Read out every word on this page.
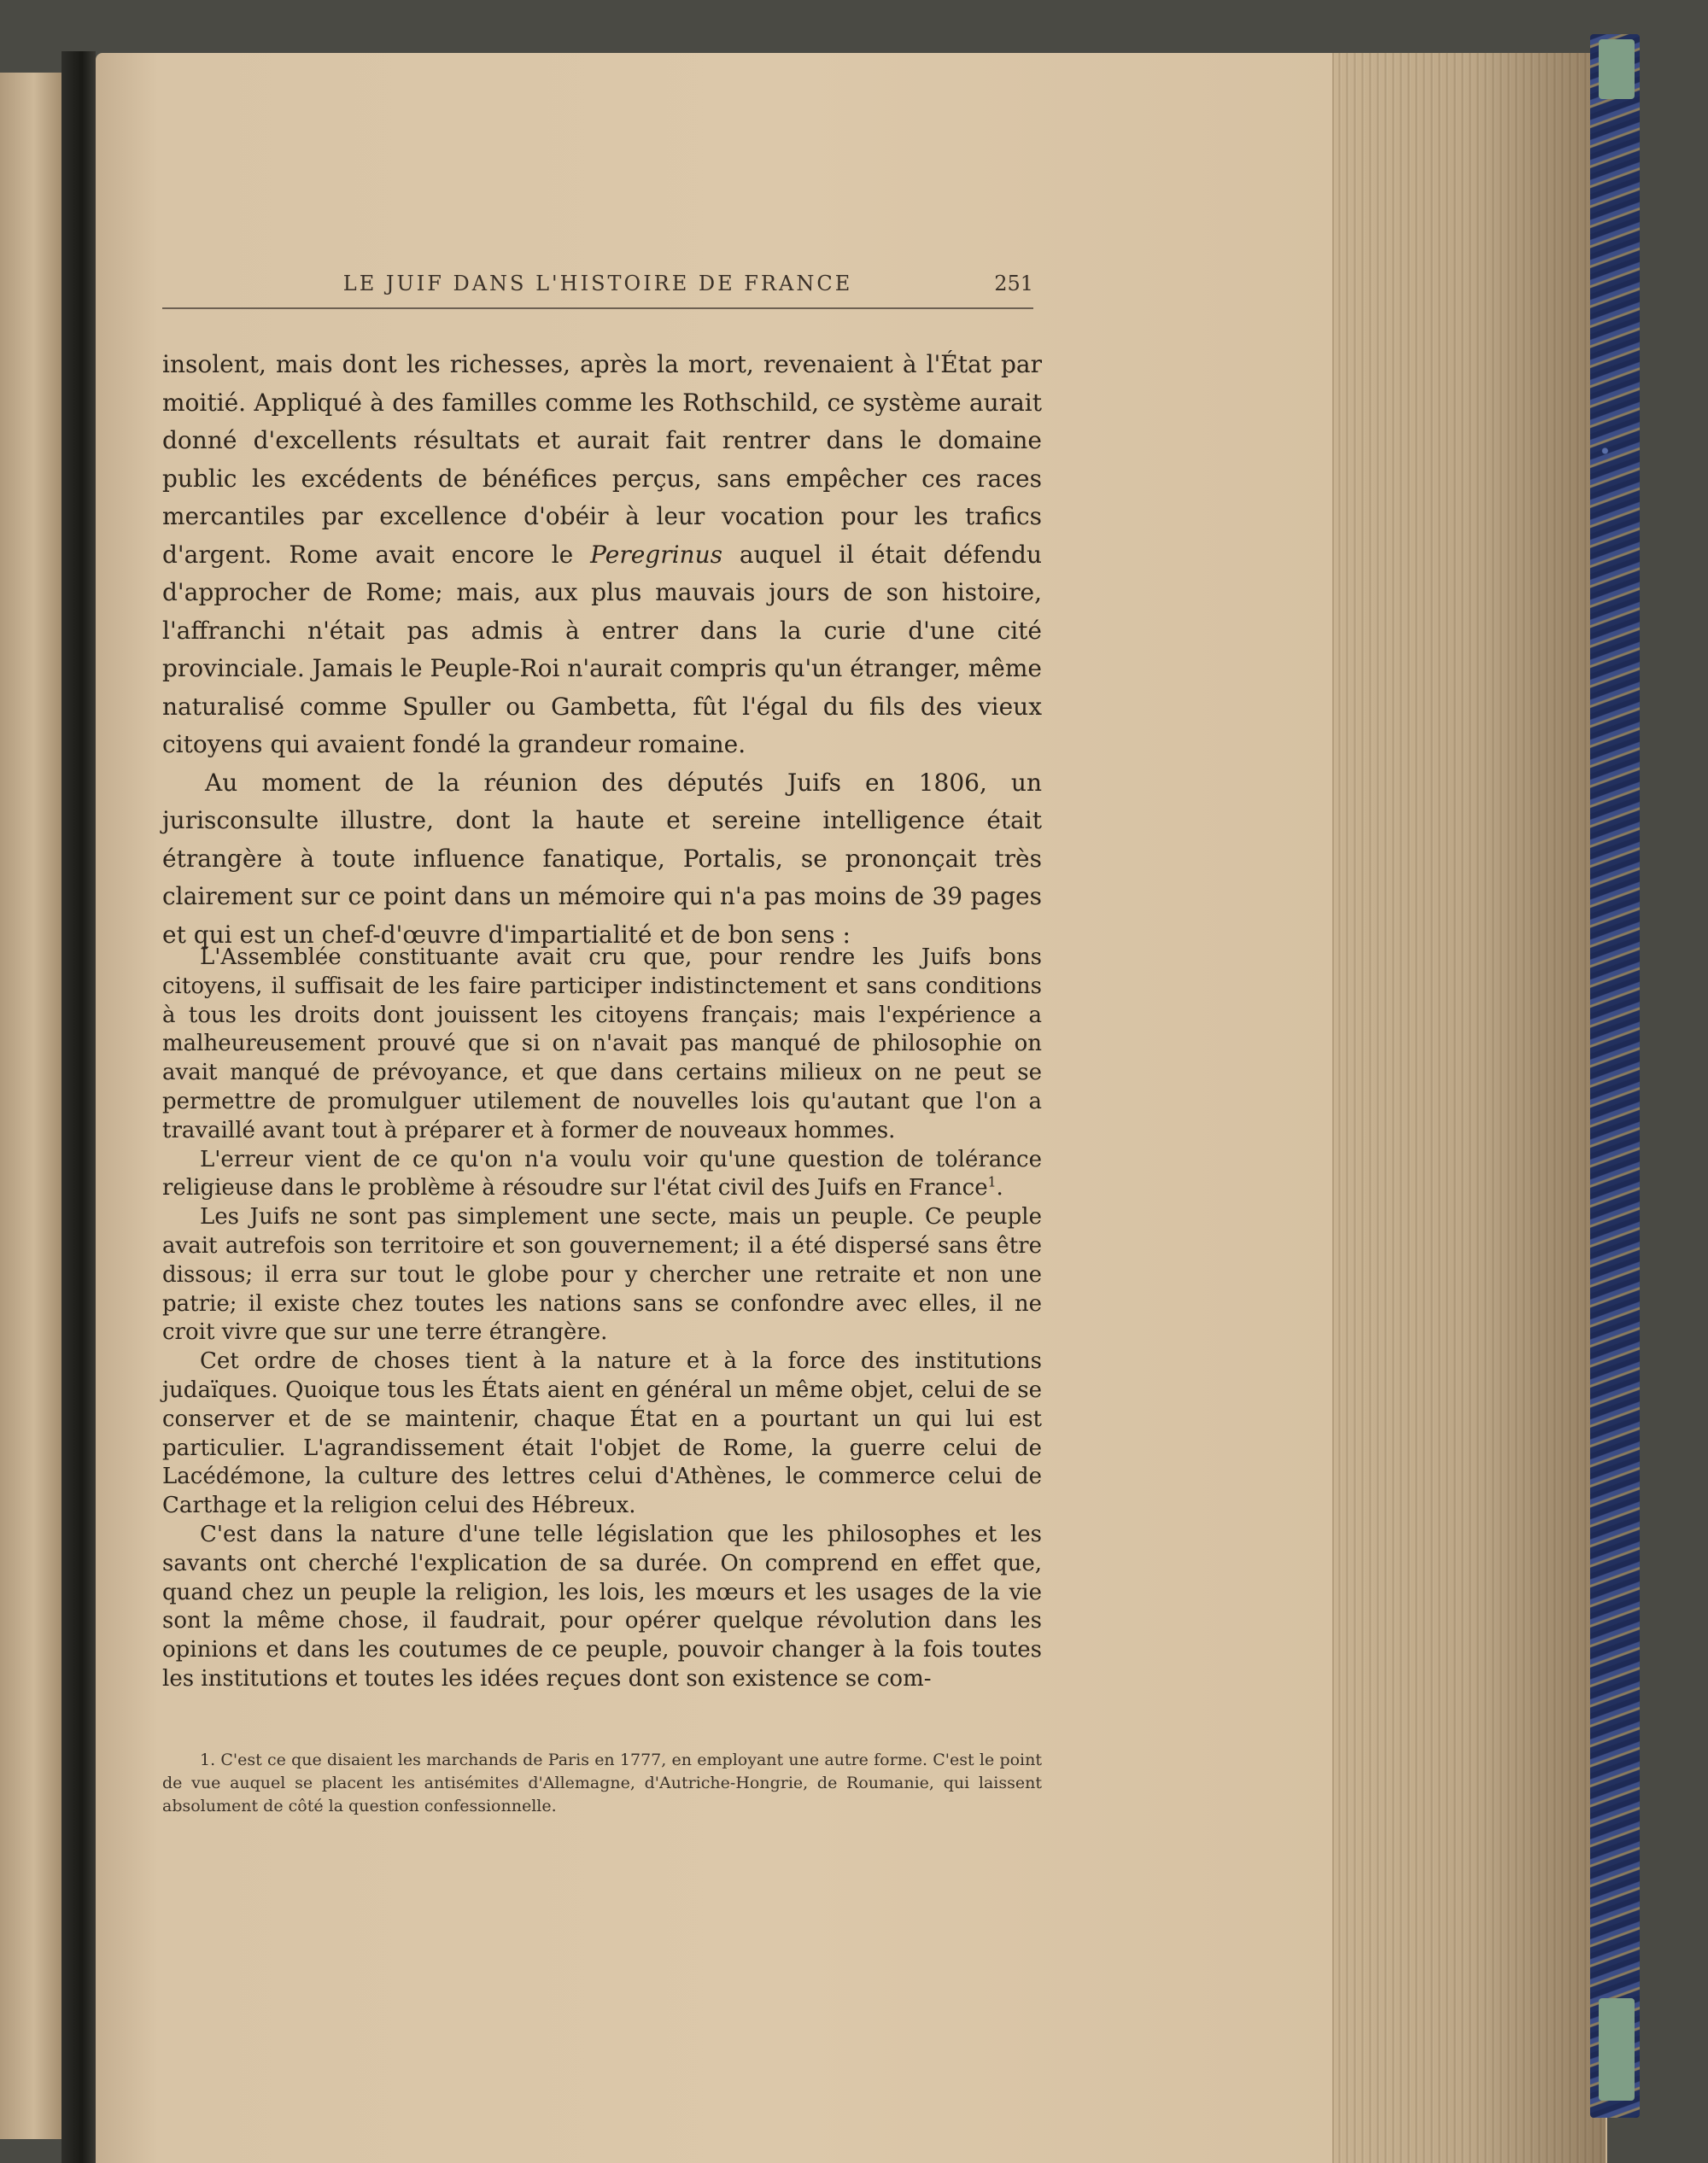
LE JUIF DANS L'HISTOIRE DE FRANCE	251

insolent, mais dont les richesses, après la mort, revenaient à l'État par moitié. Appliqué à des familles comme les Rothschild, ce système aurait donné d'excellents résultats et aurait fait rentrer dans le domaine public les excédents de bénéfices perçus, sans empêcher ces races mercantiles par excellence d'obéir à leur vocation pour les trafics d'argent. Rome avait encore le Peregrinus auquel il était défendu d'approcher de Rome; mais, aux plus mauvais jours de son histoire, l'affranchi n'était pas admis à entrer dans la curie d'une cité provinciale. Jamais le Peuple-Roi n'aurait compris qu'un étranger, même naturalisé comme Spuller ou Gambetta, fût l'égal du fils des vieux citoyens qui avaient fondé la grandeur romaine.

Au moment de la réunion des députés Juifs en 1806, un jurisconsulte illustre, dont la haute et sereine intelligence était étrangère à toute influence fanatique, Portalis, se prononçait très clairement sur ce point dans un mémoire qui n'a pas moins de 39 pages et qui est un chef-d'œuvre d'impartialité et de bon sens :

L'Assemblée constituante avait cru que, pour rendre les Juifs bons citoyens, il suffisait de les faire participer indistinctement et sans conditions à tous les droits dont jouissent les citoyens français; mais l'expérience a malheureusement prouvé que si on n'avait pas manqué de philosophie on avait manqué de prévoyance, et que dans certains milieux on ne peut se permettre de promulguer utilement de nouvelles lois qu'autant que l'on a travaillé avant tout à préparer et à former de nouveaux hommes.

L'erreur vient de ce qu'on n'a voulu voir qu'une question de tolérance religieuse dans le problème à résoudre sur l'état civil des Juifs en France$^1$.

Les Juifs ne sont pas simplement une secte, mais un peuple. Ce peuple avait autrefois son territoire et son gouvernement; il a été dispersé sans être dissous; il erra sur tout le globe pour y chercher une retraite et non une patrie; il existe chez toutes les nations sans se confondre avec elles, il ne croit vivre que sur une terre étrangère.

Cet ordre de choses tient à la nature et à la force des institutions judaïques. Quoique tous les États aient en général un même objet, celui de se conserver et de se maintenir, chaque État en a pourtant un qui lui est particulier. L'agrandissement était l'objet de Rome, la guerre celui de Lacédémone, la culture des lettres celui d'Athènes, le commerce celui de Carthage et la religion celui des Hébreux.

C'est dans la nature d'une telle législation que les philosophes et les savants ont cherché l'explication de sa durée. On comprend en effet que, quand chez un peuple la religion, les lois, les mœurs et les usages de la vie sont la même chose, il faudrait, pour opérer quelque révolution dans les opinions et dans les coutumes de ce peuple, pouvoir changer à la fois toutes les institutions et toutes les idées reçues dont son existence se com-

1. C'est ce que disaient les marchands de Paris en 1777, en employant une autre forme. C'est le point de vue auquel se placent les antisémites d'Allemagne, d'Autriche-Hongrie, de Roumanie, qui laissent absolument de côté la question confessionnelle.
